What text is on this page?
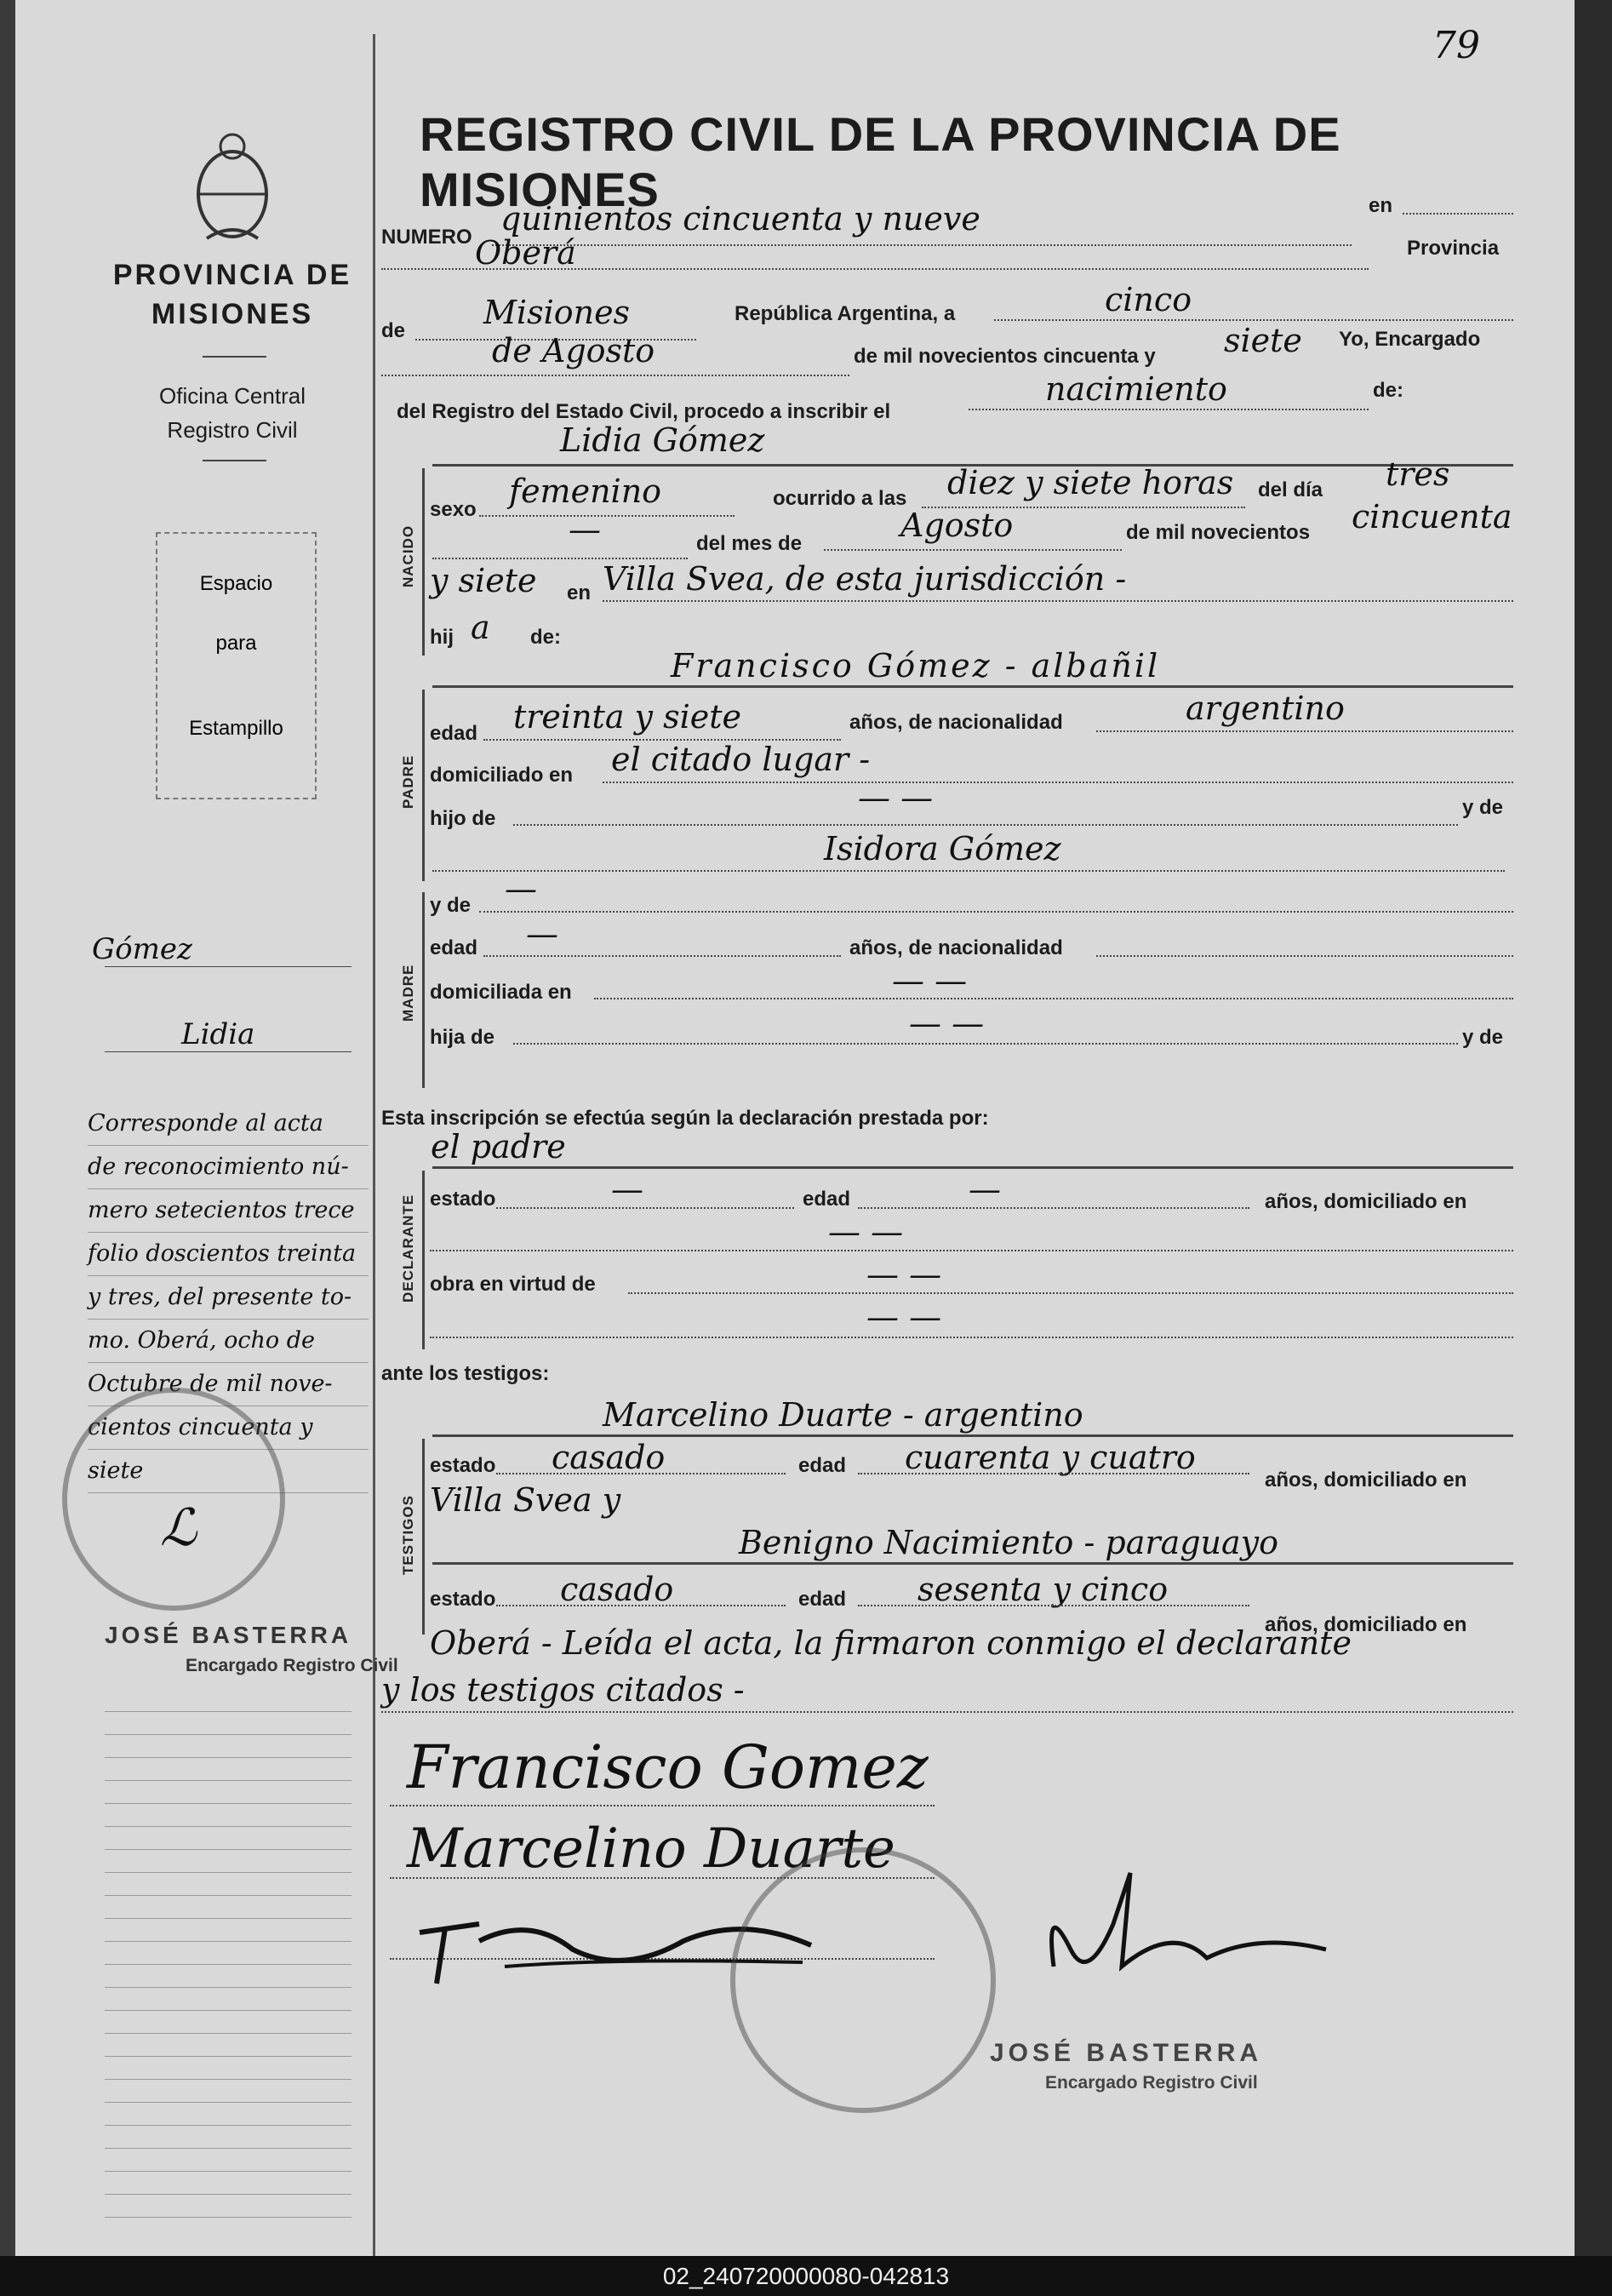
79
PROVINCIA DE
MISIONES
Oficina Central
Registro Civil
Espacio
para
Estampillo
Gómez
Lidia
Corresponde al acta
de reconocimiento nú-
mero setecientos trece
folio doscientos treinta
y tres, del presente to-
mo. Oberá, ocho de
Octubre de mil nove-
cientos cincuenta y
siete
ℒ
JOSÉ BASTERRA
Encargado Registro Civil
REGISTRO CIVIL DE LA PROVINCIA DE MISIONES
NUMERO quinientos cincuenta y nueve	en
Oberá	Provincia
de Misiones	República Argentina, a	cinco
de Agosto	de mil novecientos cincuenta y siete Yo, Encargado
del Registro del Estado Civil, procedo a inscribir el
nacimiento	de:
Lidia Gómez
NACIDO
sexo femenino	ocurrido a las diez y siete horas del día tres
—	del mes de	Agosto	de mil novecientos cincuenta
y siete en Villa Svea, de esta jurisdicción -
hij a de:
Francisco Gómez - albañil
PADRE
edad treinta y siete	años, de nacionalidad	argentino
domiciliado en el citado lugar -
hijo de
— —	y de
Isidora Gómez
MADRE
y de —
edad —	años, de nacionalidad
domiciliada en	— —
hija de	— —	y de
Esta inscripción se efectúa según la declaración prestada por:
el padre
DECLARANTE estado	—	edad	—	años, domiciliado en
— —
obra en virtud de	— —
— —
ante los testigos:
Marcelino Duarte - argentino
TESTIGOS
estado casado	edad cuarenta y cuatro
años, domiciliado en
Villa Svea y
Benigno Nacimiento - paraguayo
estado casado	edad sesenta y cinco
años, domiciliado en
Oberá - Leída el acta, la firmaron conmigo el declarante
y los testigos citados -
Francisco Gomez
Marcelino Duarte
JOSÉ BASTERRA
Encargado Registro Civil
02_240720000080-042813
